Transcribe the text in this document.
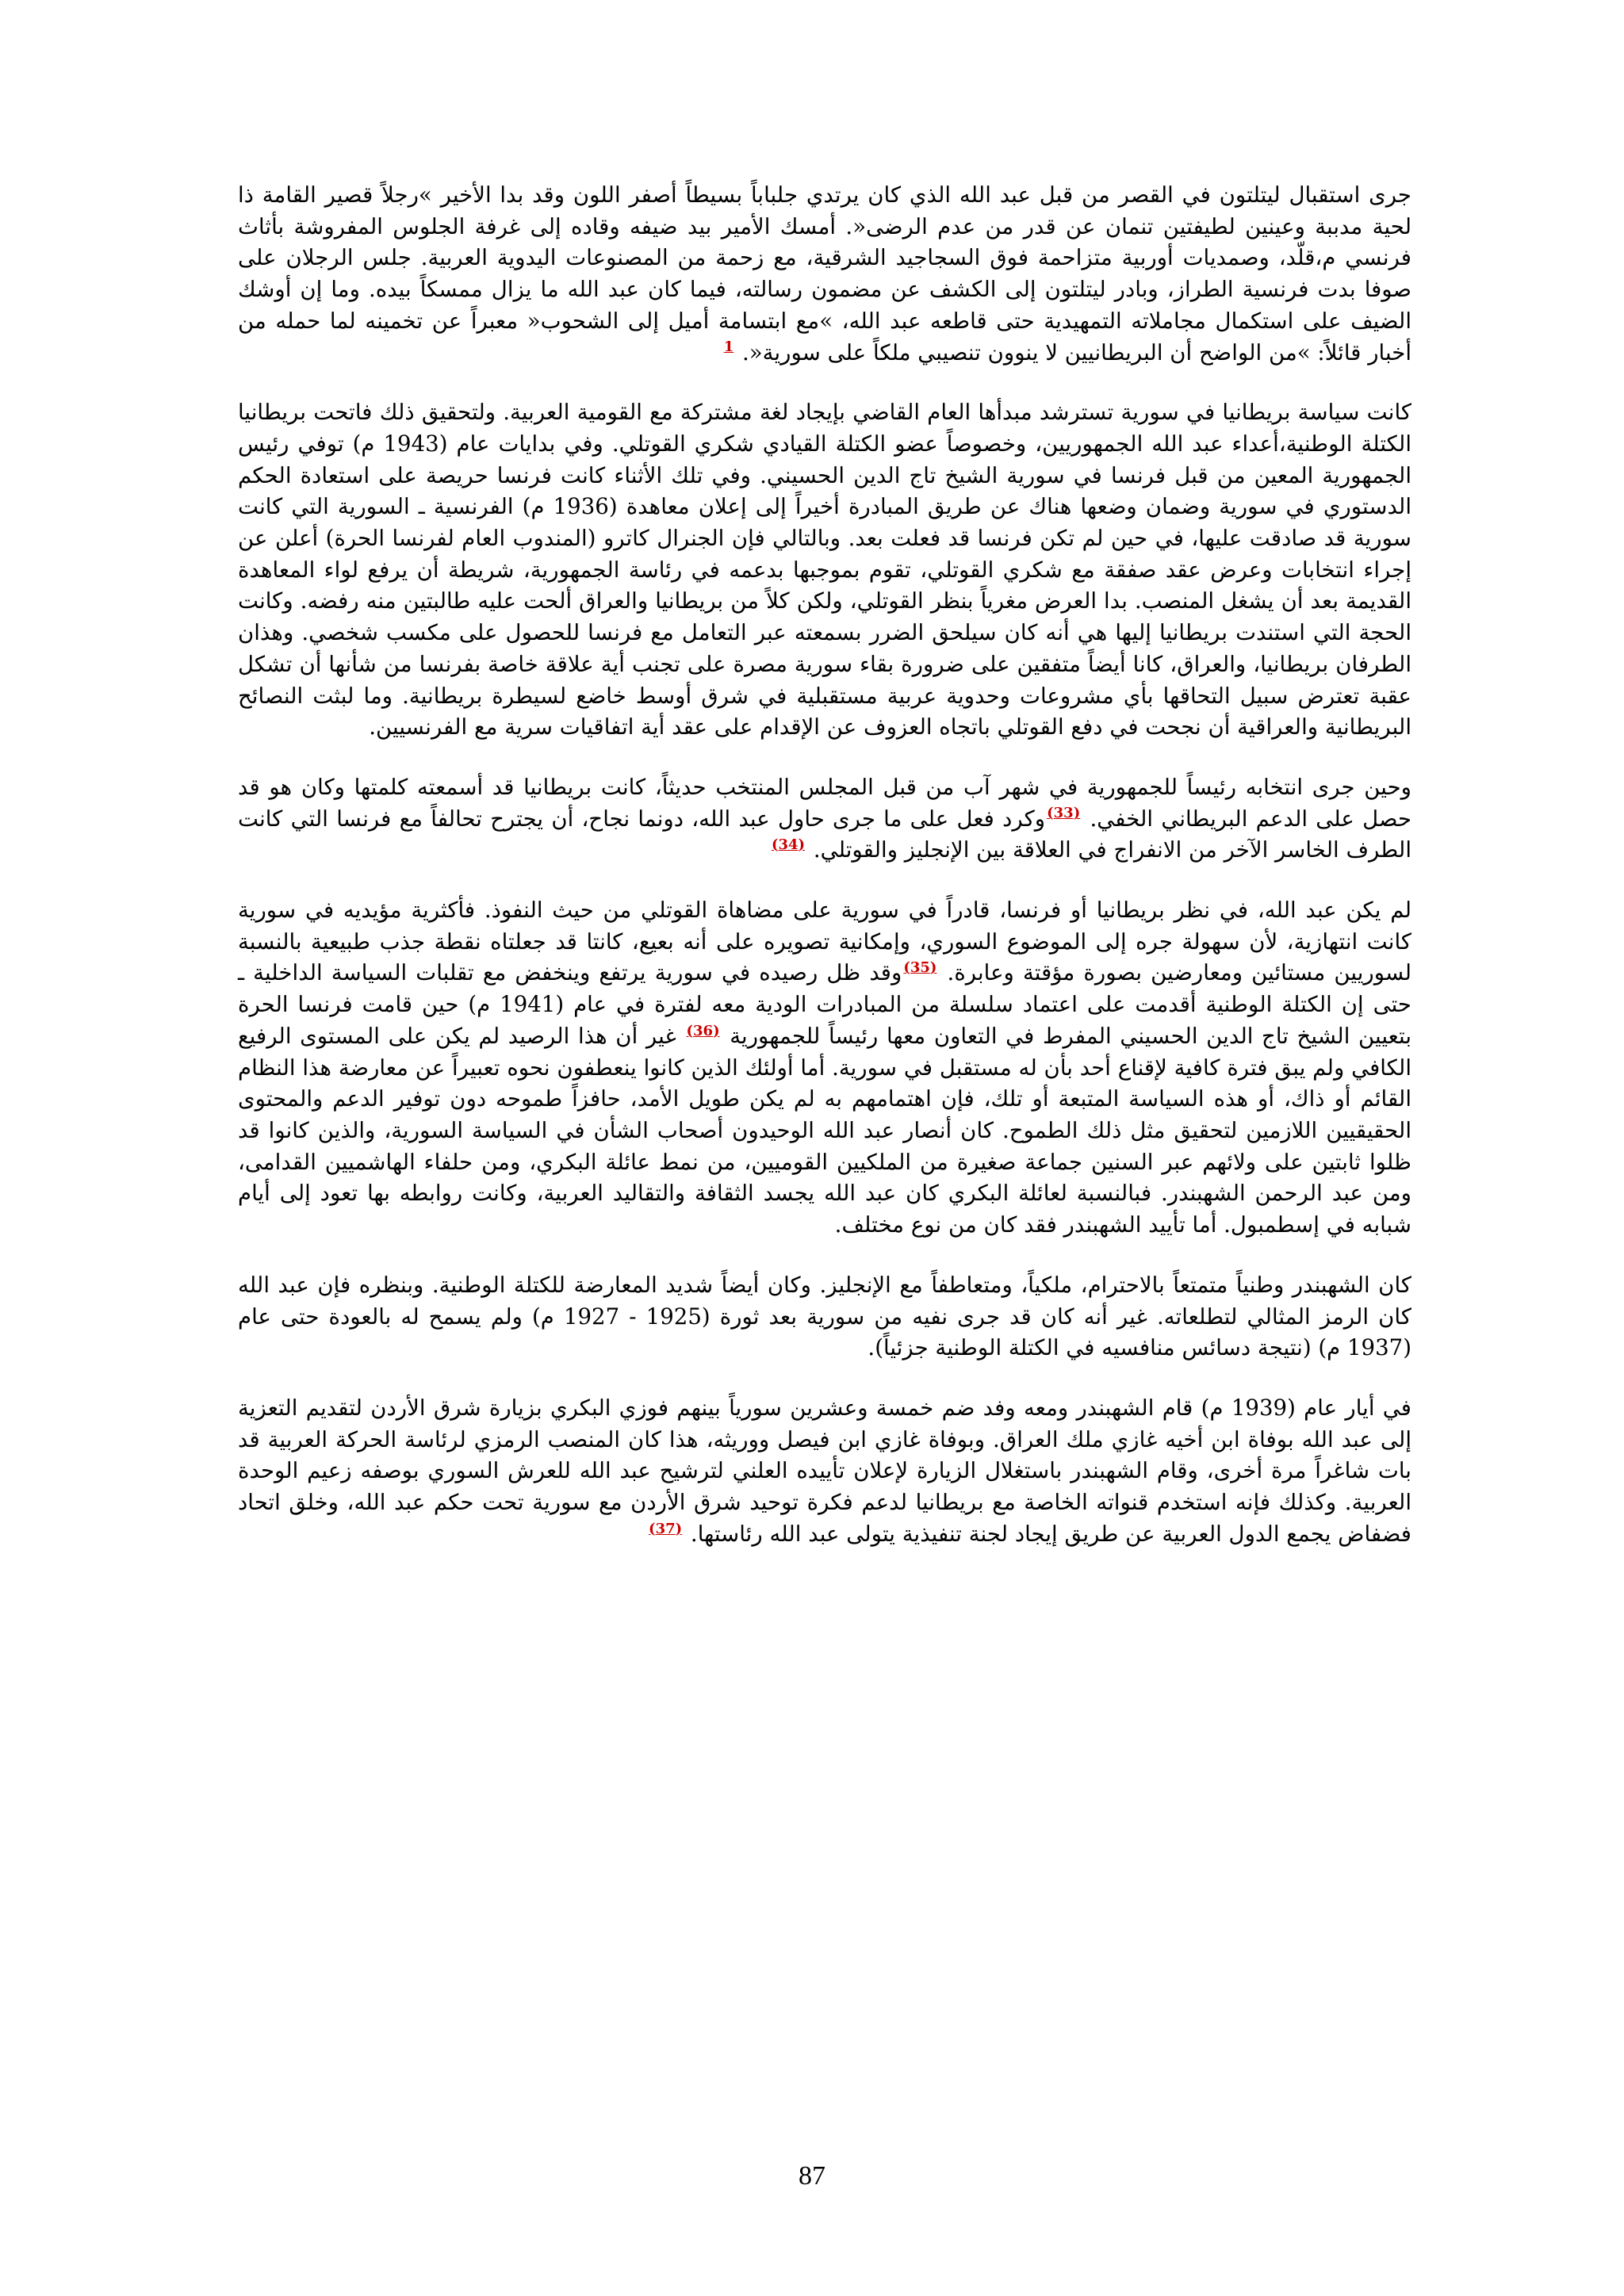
جرى استقبال ليتلتون في القصر من قبل عبد الله الذي كان يرتدي جلباباً بسيطاً أصفر اللون وقد بدا الأخير »رجلاً قصير القامة ذا لحية مدببة وعينين لطيفتين تنمان عن قدر من عدم الرضى«. أمسك الأمير بيد ضيفه وقاده إلى غرفة الجلوس المفروشة بأثاث فرنسي م،قلّد، وصمديات أوربية متزاحمة فوق السجاجيد الشرقية، مع زحمة من المصنوعات اليدوية العربية. جلس الرجلان على صوفا بدت فرنسية الطراز، وبادر ليتلتون إلى الكشف عن مضمون رسالته، فيما كان عبد الله ما يزال ممسكاً بيده. وما إن أوشك الضيف على استكمال مجاملاته التمهيدية حتى قاطعه عبد الله، »مع ابتسامة أميل إلى الشحوب« معبراً عن تخمينه لما حمله من أخبار قائلاً: »من الواضح أن البريطانيين لا ينوون تنصيبي ملكاً على سورية«. $^1$

كانت سياسة بريطانيا في سورية تسترشد مبدأها العام القاضي بإيجاد لغة مشتركة مع القومية العربية. ولتحقيق ذلك فاتحت بريطانيا الكتلة الوطنية،أعداء عبد الله الجمهوريين، وخصوصاً عضو الكتلة القيادي شكري القوتلي. وفي بدايات عام (1943 م) توفي رئيس الجمهورية المعين من قبل فرنسا في سورية الشيخ تاج الدين الحسيني. وفي تلك الأثناء كانت فرنسا حريصة على استعادة الحكم الدستوري في سورية وضمان وضعها هناك عن طريق المبادرة أخيراً إلى إعلان معاهدة (1936 م) الفرنسية ـ السورية التي كانت سورية قد صادقت عليها، في حين لم تكن فرنسا قد فعلت بعد. وبالتالي فإن الجنرال كاترو (المندوب العام لفرنسا الحرة) أعلن عن إجراء انتخابات وعرض عقد صفقة مع شكري القوتلي، تقوم بموجبها بدعمه في رئاسة الجمهورية، شريطة أن يرفع لواء المعاهدة القديمة بعد أن يشغل المنصب. بدا العرض مغرياً بنظر القوتلي، ولكن كلاً من بريطانيا والعراق ألحت عليه طالبتين منه رفضه. وكانت الحجة التي استندت بريطانيا إليها هي أنه كان سيلحق الضرر بسمعته عبر التعامل مع فرنسا للحصول على مكسب شخصي. وهذان الطرفان بريطانيا، والعراق، كانا أيضاً متفقين على ضرورة بقاء سورية مصرة على تجنب أية علاقة خاصة بفرنسا من شأنها أن تشكل عقبة تعترض سبيل التحاقها بأي مشروعات وحدوية عربية مستقبلية في شرق أوسط خاضع لسيطرة بريطانية. وما لبثت النصائح البريطانية والعراقية أن نجحت في دفع القوتلي باتجاه العزوف عن الإقدام على عقد أية اتفاقيات سرية مع الفرنسيين.

وحين جرى انتخابه رئيساً للجمهورية في شهر آب من قبل المجلس المنتخب حديثاً، كانت بريطانيا قد أسمعته كلمتها وكان هو قد حصل على الدعم البريطاني الخفي. $^{(33)}$وكرد فعل على ما جرى حاول عبد الله، دونما نجاح، أن يجترح تحالفاً مع فرنسا التي كانت الطرف الخاسر الآخر من الانفراج في العلاقة بين الإنجليز والقوتلي. $^{(34)}$

لم يكن عبد الله، في نظر بريطانيا أو فرنسا، قادراً في سورية على مضاهاة القوتلي من حيث النفوذ. فأكثرية مؤيديه في سورية كانت انتهازية، لأن سهولة جره إلى الموضوع السوري، وإمكانية تصويره على أنه بعيع، كانتا قد جعلتاه نقطة جذب طبيعية بالنسبة لسوريين مستائين ومعارضين بصورة مؤقتة وعابرة. $^{(35)}$وقد ظل رصيده في سورية يرتفع وينخفض مع تقلبات السياسة الداخلية ـ حتى إن الكتلة الوطنية أقدمت على اعتماد سلسلة من المبادرات الودية معه لفترة في عام (1941 م) حين قامت فرنسا الحرة بتعيين الشيخ تاج الدين الحسيني المفرط في التعاون معها رئيساً للجمهورية $^{(36)}$ غير أن هذا الرصيد لم يكن على المستوى الرفيع الكافي ولم يبق فترة كافية لإقناع أحد بأن له مستقبل في سورية. أما أولئك الذين كانوا ينعطفون نحوه تعبيراً عن معارضة هذا النظام القائم أو ذاك، أو هذه السياسة المتبعة أو تلك، فإن اهتمامهم به لم يكن طويل الأمد، حافزاً طموحه دون توفير الدعم والمحتوى الحقيقيين اللازمين لتحقيق مثل ذلك الطموح. كان أنصار عبد الله الوحيدون أصحاب الشأن في السياسة السورية، والذين كانوا قد ظلوا ثابتين على ولائهم عبر السنين جماعة صغيرة من الملكيين القوميين، من نمط عائلة البكري، ومن حلفاء الهاشميين القدامى، ومن عبد الرحمن الشهبندر. فبالنسبة لعائلة البكري كان عبد الله يجسد الثقافة والتقاليد العربية، وكانت روابطه بها تعود إلى أيام شبابه في إسطمبول. أما تأييد الشهبندر فقد كان من نوع مختلف.

كان الشهبندر وطنياً متمتعاً بالاحترام، ملكياً، ومتعاطفاً مع الإنجليز. وكان أيضاً شديد المعارضة للكتلة الوطنية. وبنظره فإن عبد الله كان الرمز المثالي لتطلعاته. غير أنه كان قد جرى نفيه من سورية بعد ثورة (1925 - 1927 م) ولم يسمح له بالعودة حتى عام (1937 م) (نتيجة دسائس منافسيه في الكتلة الوطنية جزئياً).

في أيار عام (1939 م) قام الشهبندر ومعه وفد ضم خمسة وعشرين سورياً بينهم فوزي البكري بزيارة شرق الأردن لتقديم التعزية إلى عبد الله بوفاة ابن أخيه غازي ملك العراق. وبوفاة غازي ابن فيصل ووريثه، هذا كان المنصب الرمزي لرئاسة الحركة العربية قد بات شاغراً مرة أخرى، وقام الشهبندر باستغلال الزيارة لإعلان تأييده العلني لترشيح عبد الله للعرش السوري بوصفه زعيم الوحدة العربية. وكذلك فإنه استخدم قنواته الخاصة مع بريطانيا لدعم فكرة توحيد شرق الأردن مع سورية تحت حكم عبد الله، وخلق اتحاد فضفاض يجمع الدول العربية عن طريق إيجاد لجنة تنفيذية يتولى عبد الله رئاستها. $^{(37)}$

87
